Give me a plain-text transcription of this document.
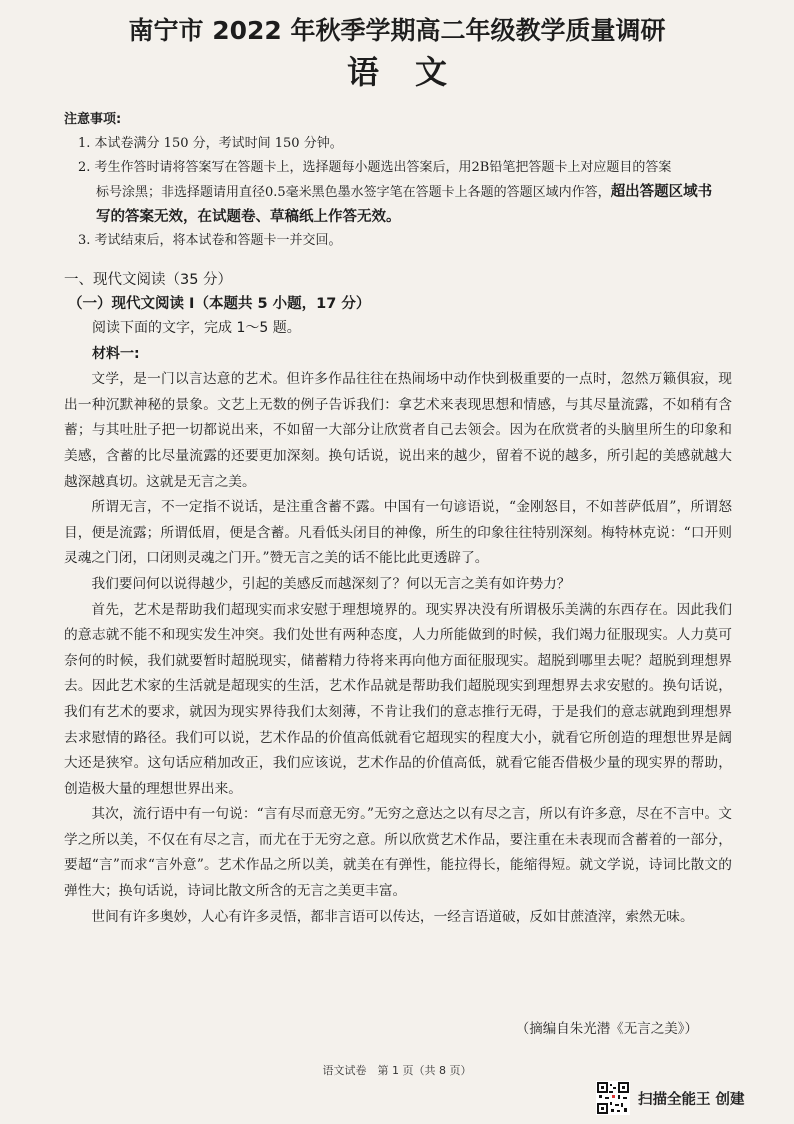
南宁市 2022 年秋季学期高二年级教学质量调研
语文
注意事项:
1. 本试卷满分 150 分，考试时间 150 分钟。
2. 考生作答时请将答案写在答题卡上，选择题每小题选出答案后，用2B铅笔把答题卡上对应题目的答案
标号涂黑；非选择题请用直径0.5毫米黑色墨水签字笔在答题卡上各题的答题区域内作答，超出答题区域书
写的答案无效，在试题卷、草稿纸上作答无效。
3. 考试结束后，将本试卷和答题卡一并交回。
一、现代文阅读（35 分）
（一）现代文阅读 I（本题共 5 小题，17 分）

阅读下面的文字，完成 1～5 题。

材料一:

文学，是一门以言达意的艺术。但许多作品往往在热闹场中动作快到极重要的一点时，忽然万籁俱寂，现出一种沉默神秘的景象。文艺上无数的例子告诉我们：拿艺术来表现思想和情感，与其尽量流露，不如稍有含蓄；与其吐肚子把一切都说出来，不如留一大部分让欣赏者自己去领会。因为在欣赏者的头脑里所生的印象和美感，含蓄的比尽量流露的还要更加深刻。换句话说，说出来的越少，留着不说的越多，所引起的美感就越大越深越真切。这就是无言之美。

所谓无言，不一定指不说话，是注重含蓄不露。中国有一句谚语说，“金刚怒目，不如菩萨低眉”，所谓怒目，便是流露；所谓低眉，便是含蓄。凡看低头闭目的神像，所生的印象往往特别深刻。梅特林克说：“口开则灵魂之门闭，口闭则灵魂之门开。”赞无言之美的话不能比此更透辟了。

我们要问何以说得越少，引起的美感反而越深刻了？何以无言之美有如许势力？

首先，艺术是帮助我们超现实而求安慰于理想境界的。现实界决没有所谓极乐美满的东西存在。因此我们的意志就不能不和现实发生冲突。我们处世有两种态度，人力所能做到的时候，我们竭力征服现实。人力莫可奈何的时候，我们就要暂时超脱现实，储蓄精力待将来再向他方面征服现实。超脱到哪里去呢？超脱到理想界去。因此艺术家的生活就是超现实的生活，艺术作品就是帮助我们超脱现实到理想界去求安慰的。换句话说，我们有艺术的要求，就因为现实界待我们太刻薄，不肯让我们的意志推行无碍，于是我们的意志就跑到理想界去求慰情的路径。我们可以说，艺术作品的价值高低就看它超现实的程度大小，就看它所创造的理想世界是阔大还是狭窄。这句话应稍加改正，我们应该说，艺术作品的价值高低，就看它能否借极少量的现实界的帮助，创造极大量的理想世界出来。

其次，流行语中有一句说：“言有尽而意无穷。”无穷之意达之以有尽之言，所以有许多意，尽在不言中。文学之所以美，不仅在有尽之言，而尤在于无穷之意。所以欣赏艺术作品，要注重在未表现而含蓄着的一部分，要超“言”而求“言外意”。艺术作品之所以美，就美在有弹性，能拉得长，能缩得短。就文学说，诗词比散文的弹性大；换句话说，诗词比散文所含的无言之美更丰富。

世间有许多奥妙，人心有许多灵悟，都非言语可以传达，一经言语道破，反如甘蔗渣滓，索然无味。

（摘编自朱光潜《无言之美》）
语文试卷　第 1 页（共 8 页）
扫描全能王 创建
